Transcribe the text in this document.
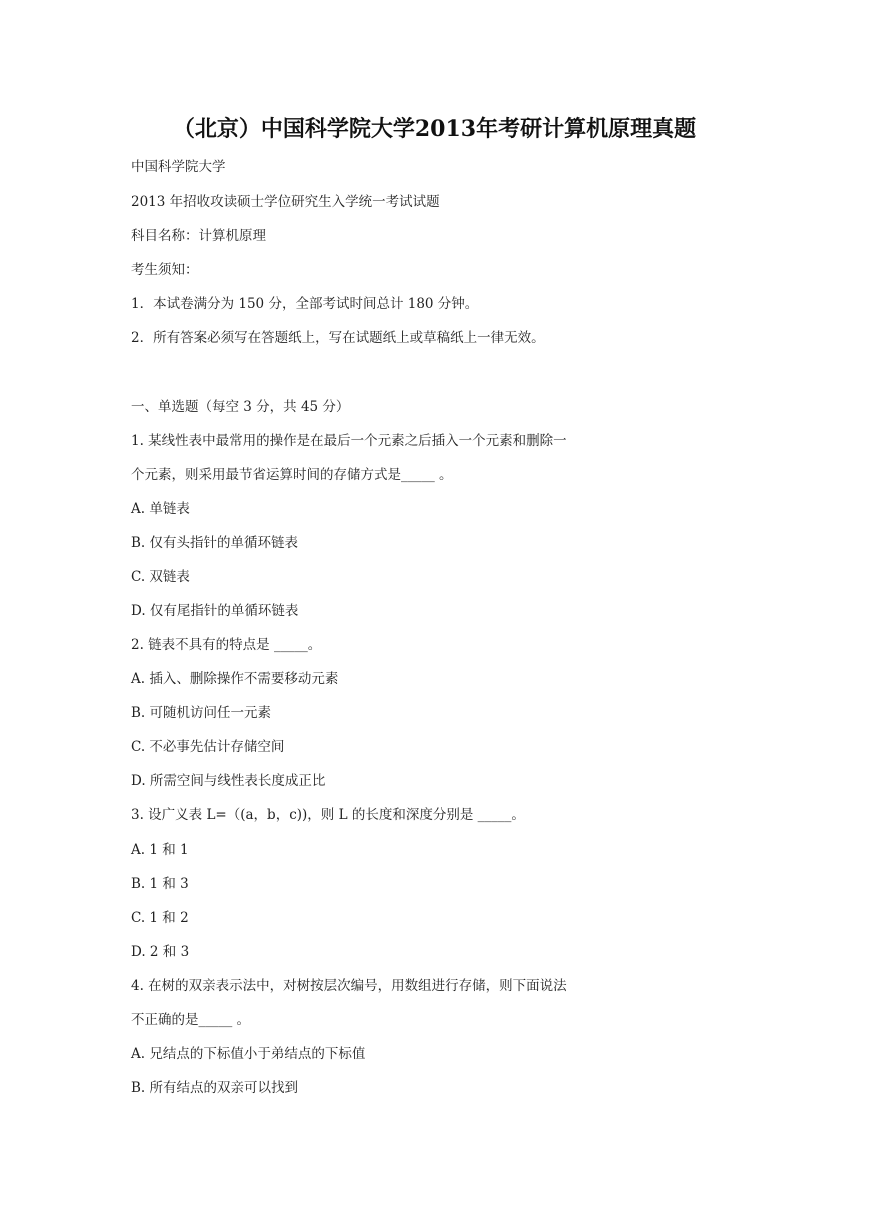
（北京）中国科学院大学2013年考研计算机原理真题
中国科学院大学
2013 年招收攻读硕士学位研究生入学统一考试试题
科目名称：计算机原理
考生须知：
1．本试卷满分为 150 分，全部考试时间总计 180 分钟。
2．所有答案必须写在答题纸上，写在试题纸上或草稿纸上一律无效。
一、单选题（每空 3 分，共 45 分）
1. 某线性表中最常用的操作是在最后一个元素之后插入一个元素和删除一
个元素，则采用最节省运算时间的存储方式是_____ 。
A. 单链表
B. 仅有头指针的单循环链表
C. 双链表
D. 仅有尾指针的单循环链表
2. 链表不具有的特点是 _____。
A. 插入、删除操作不需要移动元素
B. 可随机访问任一元素
C. 不必事先估计存储空间
D. 所需空间与线性表长度成正比
3. 设广义表 L=（(a，b，c))，则 L 的长度和深度分别是 _____。
A. 1 和 1
B. 1 和 3
C. 1 和 2
D. 2 和 3
4. 在树的双亲表示法中，对树按层次编号，用数组进行存储，则下面说法
不正确的是_____ 。
A. 兄结点的下标值小于弟结点的下标值
B. 所有结点的双亲可以找到
